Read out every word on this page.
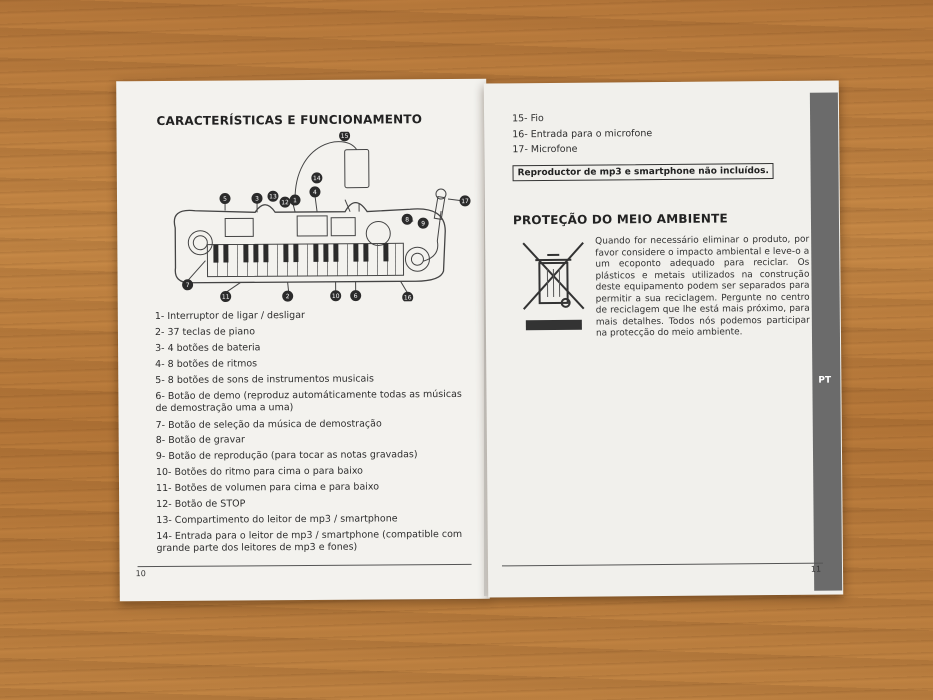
CARACTERÍSTICAS E FUNCIONAMENTO
1
2
3
4
5
6
7
8
9
10
11
12
13
14
15
16
17
1- Interruptor de ligar / desligar
2- 37 teclas de piano
3- 4 botões de bateria
4- 8 botões de ritmos
5- 8 botões de sons de instrumentos musicais
6- Botão de demo (reproduz automáticamente todas as músicas de demostração uma a uma)
7- Botão de seleção da música de demostração
8- Botão de gravar
9- Botão de reprodução (para tocar as notas gravadas)
10- Botões do ritmo para cima o para baixo
11- Botões de volumen para cima e para baixo
12- Botão de STOP
13- Compartimento do leitor de mp3 / smartphone
14- Entrada para o leitor de mp3 / smartphone (compatible com grande parte dos leitores de mp3 e fones)
10
15- Fio
16- Entrada para o microfone
17- Microfone
Reproductor de mp3 e smartphone não incluídos.
PROTEÇÃO DO MEIO AMBIENTE
Quando for necessário eliminar o produto, por favor considere o impacto ambiental e leve-o a um ecoponto adequado para reciclar. Os plásticos e metais utilizados na construção deste equipamento podem ser separados para permitir a sua reciclagem. Pergunte no centro de reciclagem que lhe está mais próximo, para mais detalhes. Todos nós podemos participar na protecção do meio ambiente.
PT
11
